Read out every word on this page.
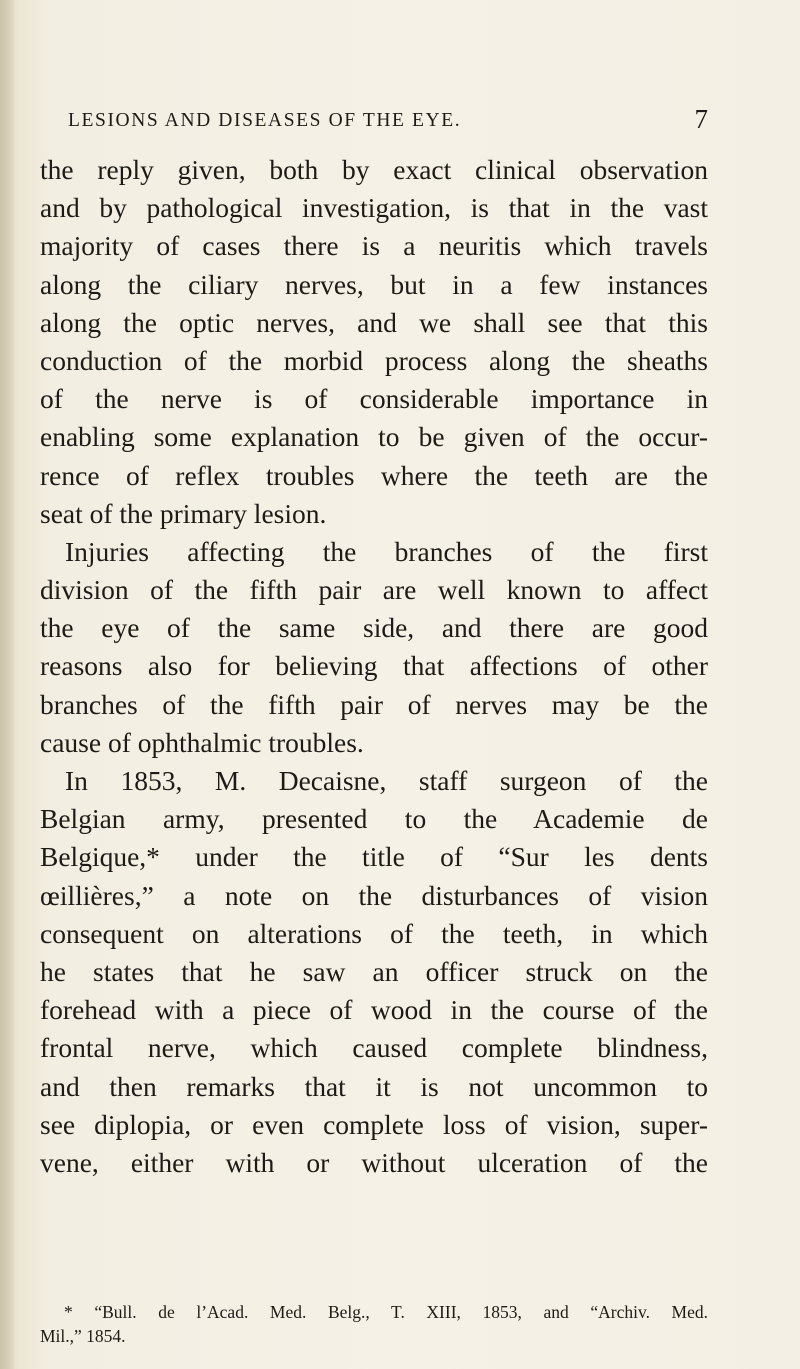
LESIONS AND DISEASES OF THE EYE.	7
the reply given, both by exact clinical observation
and by pathological investigation, is that in the vast
majority of cases there is a neuritis which travels
along the ciliary nerves, but in a few instances
along the optic nerves, and we shall see that this
conduction of the morbid process along the sheaths
of the nerve is of considerable importance in
enabling some explanation to be given of the occur-
rence of reflex troubles where the teeth are the
seat of the primary lesion.
Injuries affecting the branches of the first
division of the fifth pair are well known to affect
the eye of the same side, and there are good
reasons also for believing that affections of other
branches of the fifth pair of nerves may be the
cause of ophthalmic troubles.
In 1853, M. Decaisne, staff surgeon of the
Belgian army, presented to the Academie de
Belgique,* under the title of “Sur les dents
œillières,” a note on the disturbances of vision
consequent on alterations of the teeth, in which
he states that he saw an officer struck on the
forehead with a piece of wood in the course of the
frontal nerve, which caused complete blindness,
and then remarks that it is not uncommon to
see diplopia, or even complete loss of vision, super-
vene, either with or without ulceration of the
* “Bull. de l’Acad. Med. Belg., T. XIII, 1853, and “Archiv. Med.
Mil.,” 1854.
